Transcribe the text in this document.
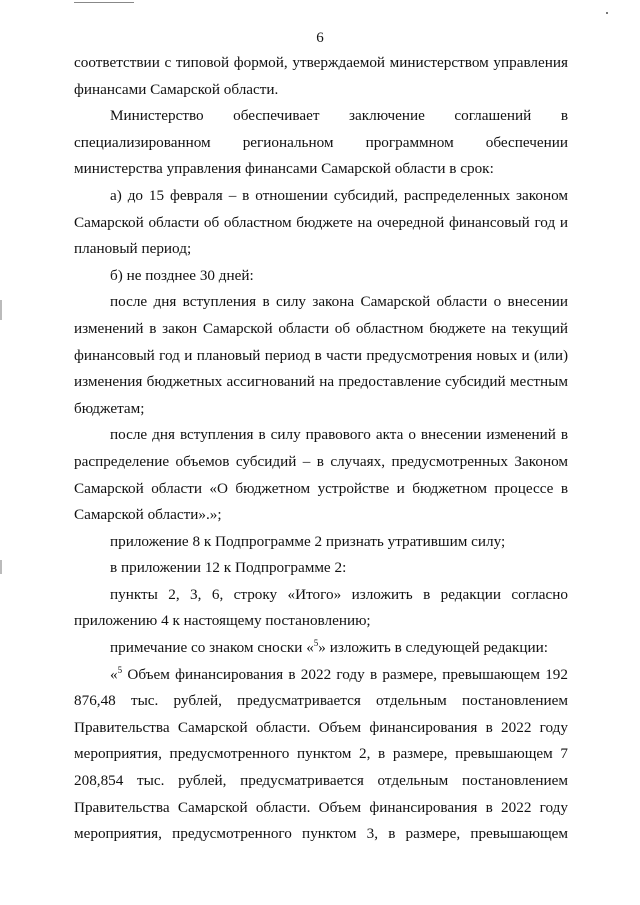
6

соответствии с типовой формой, утверждаемой министерством управления финансами Самарской области.

Министерство обеспечивает заключение соглашений в специализированном региональном программном обеспечении министерства управления финансами Самарской области в срок:

а) до 15 февраля – в отношении субсидий, распределенных законом Самарской области об областном бюджете на очередной финансовый год и плановый период;

б) не позднее 30 дней:

после дня вступления в силу закона Самарской области о внесении изменений в закон Самарской области об областном бюджете на текущий финансовый год и плановый период в части предусмотрения новых и (или) изменения бюджетных ассигнований на предоставление субсидий местным бюджетам;

после дня вступления в силу правового акта о внесении изменений в распределение объемов субсидий – в случаях, предусмотренных Законом Самарской области «О бюджетном устройстве и бюджетном процессе в Самарской области».»;

приложение 8 к Подпрограмме 2 признать утратившим силу;

в приложении 12 к Подпрограмме 2:

пункты 2, 3, 6, строку «Итого» изложить в редакции согласно приложению 4 к настоящему постановлению;

примечание со знаком сноски «$^5$» изложить в следующей редакции:

«$^5$ Объем финансирования в 2022 году в размере, превышающем 192 876,48 тыс. рублей, предусматривается отдельным постановлением Правительства Самарской области. Объем финансирования в 2022 году мероприятия, предусмотренного пунктом 2, в размере, превышающем 7 208,854 тыс. рублей, предусматривается отдельным постановлением Правительства Самарской области. Объем финансирования в 2022 году мероприятия, предусмотренного пунктом 3, в размере, превышающем
